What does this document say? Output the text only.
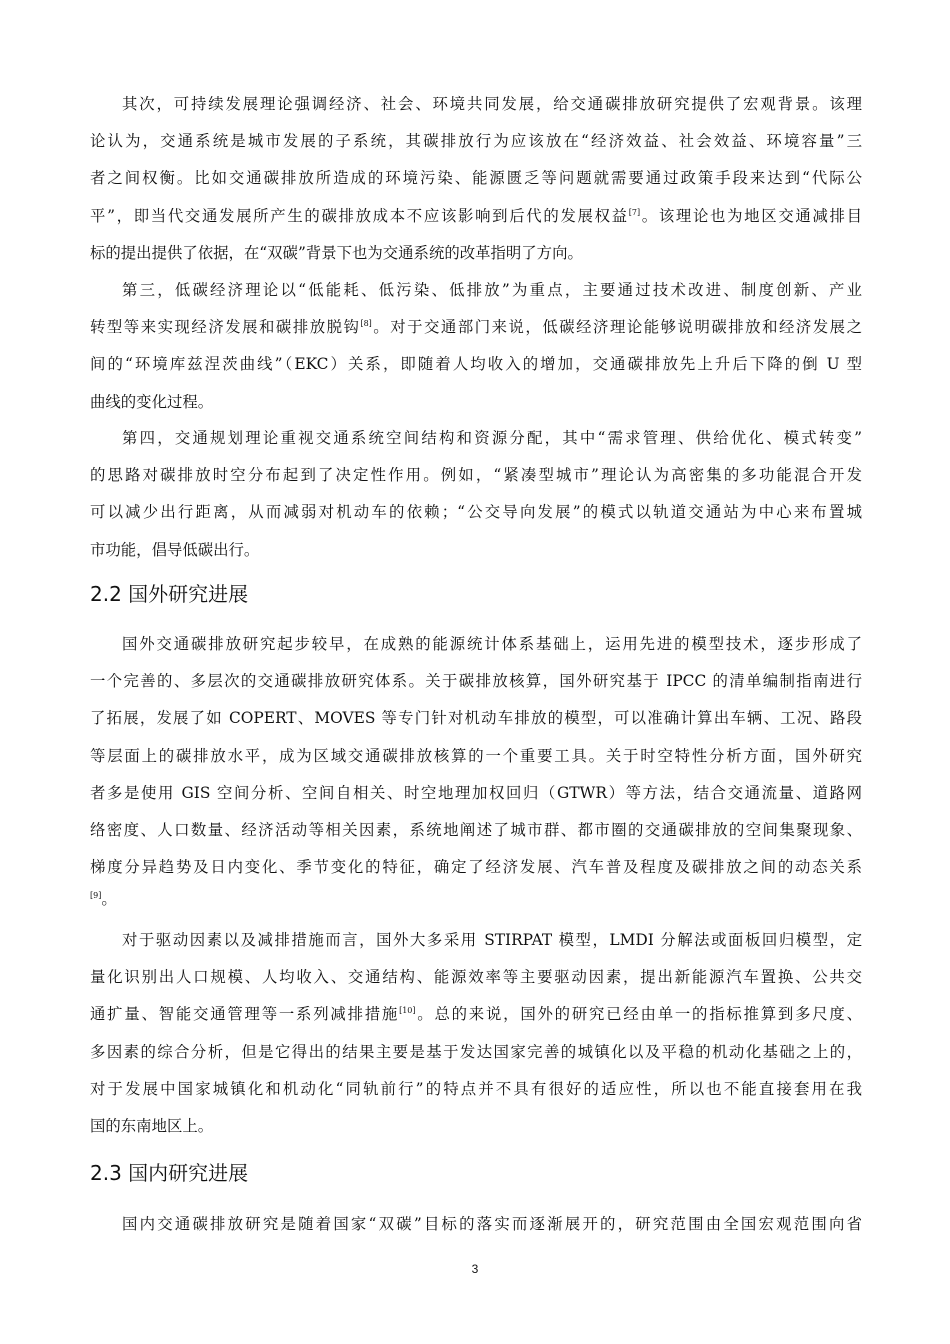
其次，可持续发展理论强调经济、社会、环境共同发展，给交通碳排放研究提供了宏观背景。该理
论认为，交通系统是城市发展的子系统，其碳排放行为应该放在“经济效益、社会效益、环境容量”三
者之间权衡。比如交通碳排放所造成的环境污染、能源匮乏等问题就需要通过政策手段来达到“代际公
平”，即当代交通发展所产生的碳排放成本不应该影响到后代的发展权益[7]。该理论也为地区交通减排目
标的提出提供了依据，在“双碳”背景下也为交通系统的改革指明了方向。
第三，低碳经济理论以“低能耗、低污染、低排放”为重点，主要通过技术改进、制度创新、产业
转型等来实现经济发展和碳排放脱钩[8]。对于交通部门来说，低碳经济理论能够说明碳排放和经济发展之
间的“环境库兹涅茨曲线”（EKC）关系，即随着人均收入的增加，交通碳排放先上升后下降的倒 U 型
曲线的变化过程。
第四，交通规划理论重视交通系统空间结构和资源分配，其中“需求管理、供给优化、模式转变”
的思路对碳排放时空分布起到了决定性作用。例如，“紧凑型城市”理论认为高密集的多功能混合开发
可以减少出行距离，从而减弱对机动车的依赖；“公交导向发展”的模式以轨道交通站为中心来布置城
市功能，倡导低碳出行。
2.2 国外研究进展
国外交通碳排放研究起步较早，在成熟的能源统计体系基础上，运用先进的模型技术，逐步形成了
一个完善的、多层次的交通碳排放研究体系。关于碳排放核算，国外研究基于 IPCC 的清单编制指南进行
了拓展，发展了如 COPERT、MOVES 等专门针对机动车排放的模型，可以准确计算出车辆、工况、路段
等层面上的碳排放水平，成为区域交通碳排放核算的一个重要工具。关于时空特性分析方面，国外研究
者多是使用 GIS 空间分析、空间自相关、时空地理加权回归（GTWR）等方法，结合交通流量、道路网
络密度、人口数量、经济活动等相关因素，系统地阐述了城市群、都市圈的交通碳排放的空间集聚现象、
梯度分异趋势及日内变化、季节变化的特征，确定了经济发展、汽车普及程度及碳排放之间的动态关系
[9]。
对于驱动因素以及减排措施而言，国外大多采用 STIRPAT 模型，LMDI 分解法或面板回归模型，定
量化识别出人口规模、人均收入、交通结构、能源效率等主要驱动因素，提出新能源汽车置换、公共交
通扩量、智能交通管理等一系列减排措施[10]。总的来说，国外的研究已经由单一的指标推算到多尺度、
多因素的综合分析，但是它得出的结果主要是基于发达国家完善的城镇化以及平稳的机动化基础之上的，
对于发展中国家城镇化和机动化“同轨前行”的特点并不具有很好的适应性，所以也不能直接套用在我
国的东南地区上。
2.3 国内研究进展
国内交通碳排放研究是随着国家“双碳”目标的落实而逐渐展开的，研究范围由全国宏观范围向省
3
